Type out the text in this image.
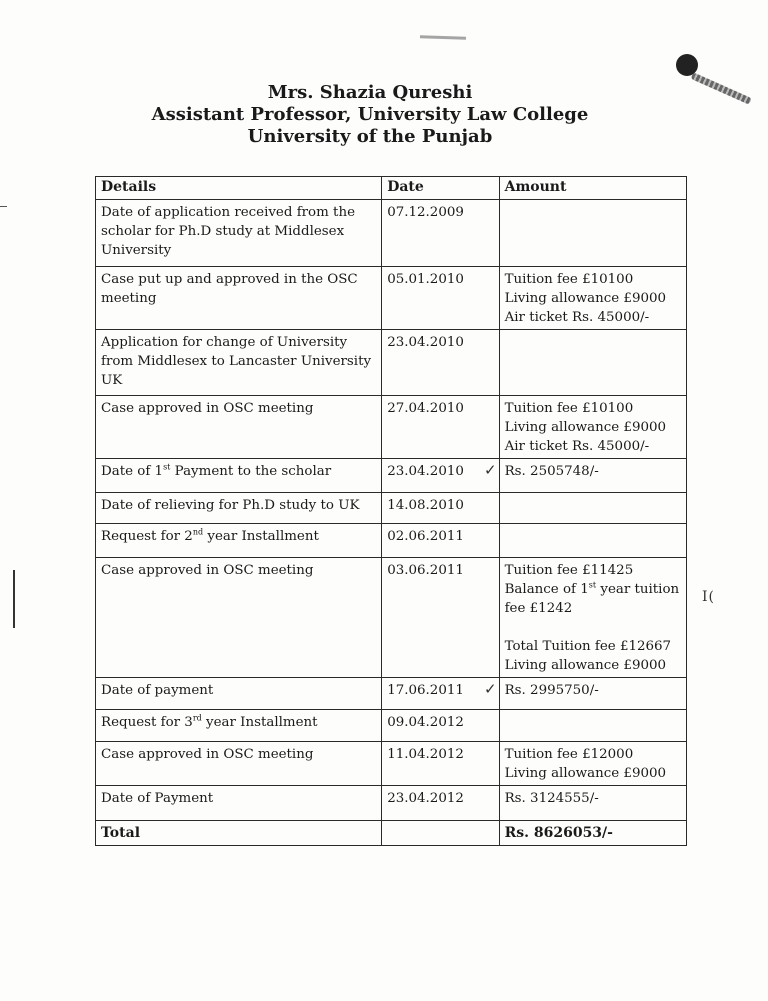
I(
Mrs. Shazia Qureshi
Assistant Professor, University Law College
University of the Punjab
Details	Date	Amount
Date of application received from the scholar for Ph.D study at Middlesex University	07.12.2009	
Case put up and approved in the OSC meeting	05.01.2010	Tuition fee £10100
Living allowance £9000
Air ticket Rs. 45000/-

Application for change of University from Middlesex to Lancaster University UK	23.04.2010	
Case approved in OSC meeting	27.04.2010	Tuition fee £10100
Living allowance £9000
Air ticket Rs. 45000/-

Date of 1st Payment to the scholar	23.04.2010 ✓	Rs. 2505748/-

Date of relieving for Ph.D study to UK	14.08.2010	
Request for 2nd year Installment	02.06.2011	
Case approved in OSC meeting	03.06.2011	Tuition fee £11425
Balance of 1st year tuition
fee £1242
Total Tuition fee £12667
Living allowance £9000

Date of payment	17.06.2011 ✓	Rs. 2995750/-

Request for 3rd year Installment	09.04.2012	
Case approved in OSC meeting	11.04.2012	Tuition fee £12000
Living allowance £9000

Date of Payment	23.04.2012	Rs. 3124555/-

Total		Rs. 8626053/-
